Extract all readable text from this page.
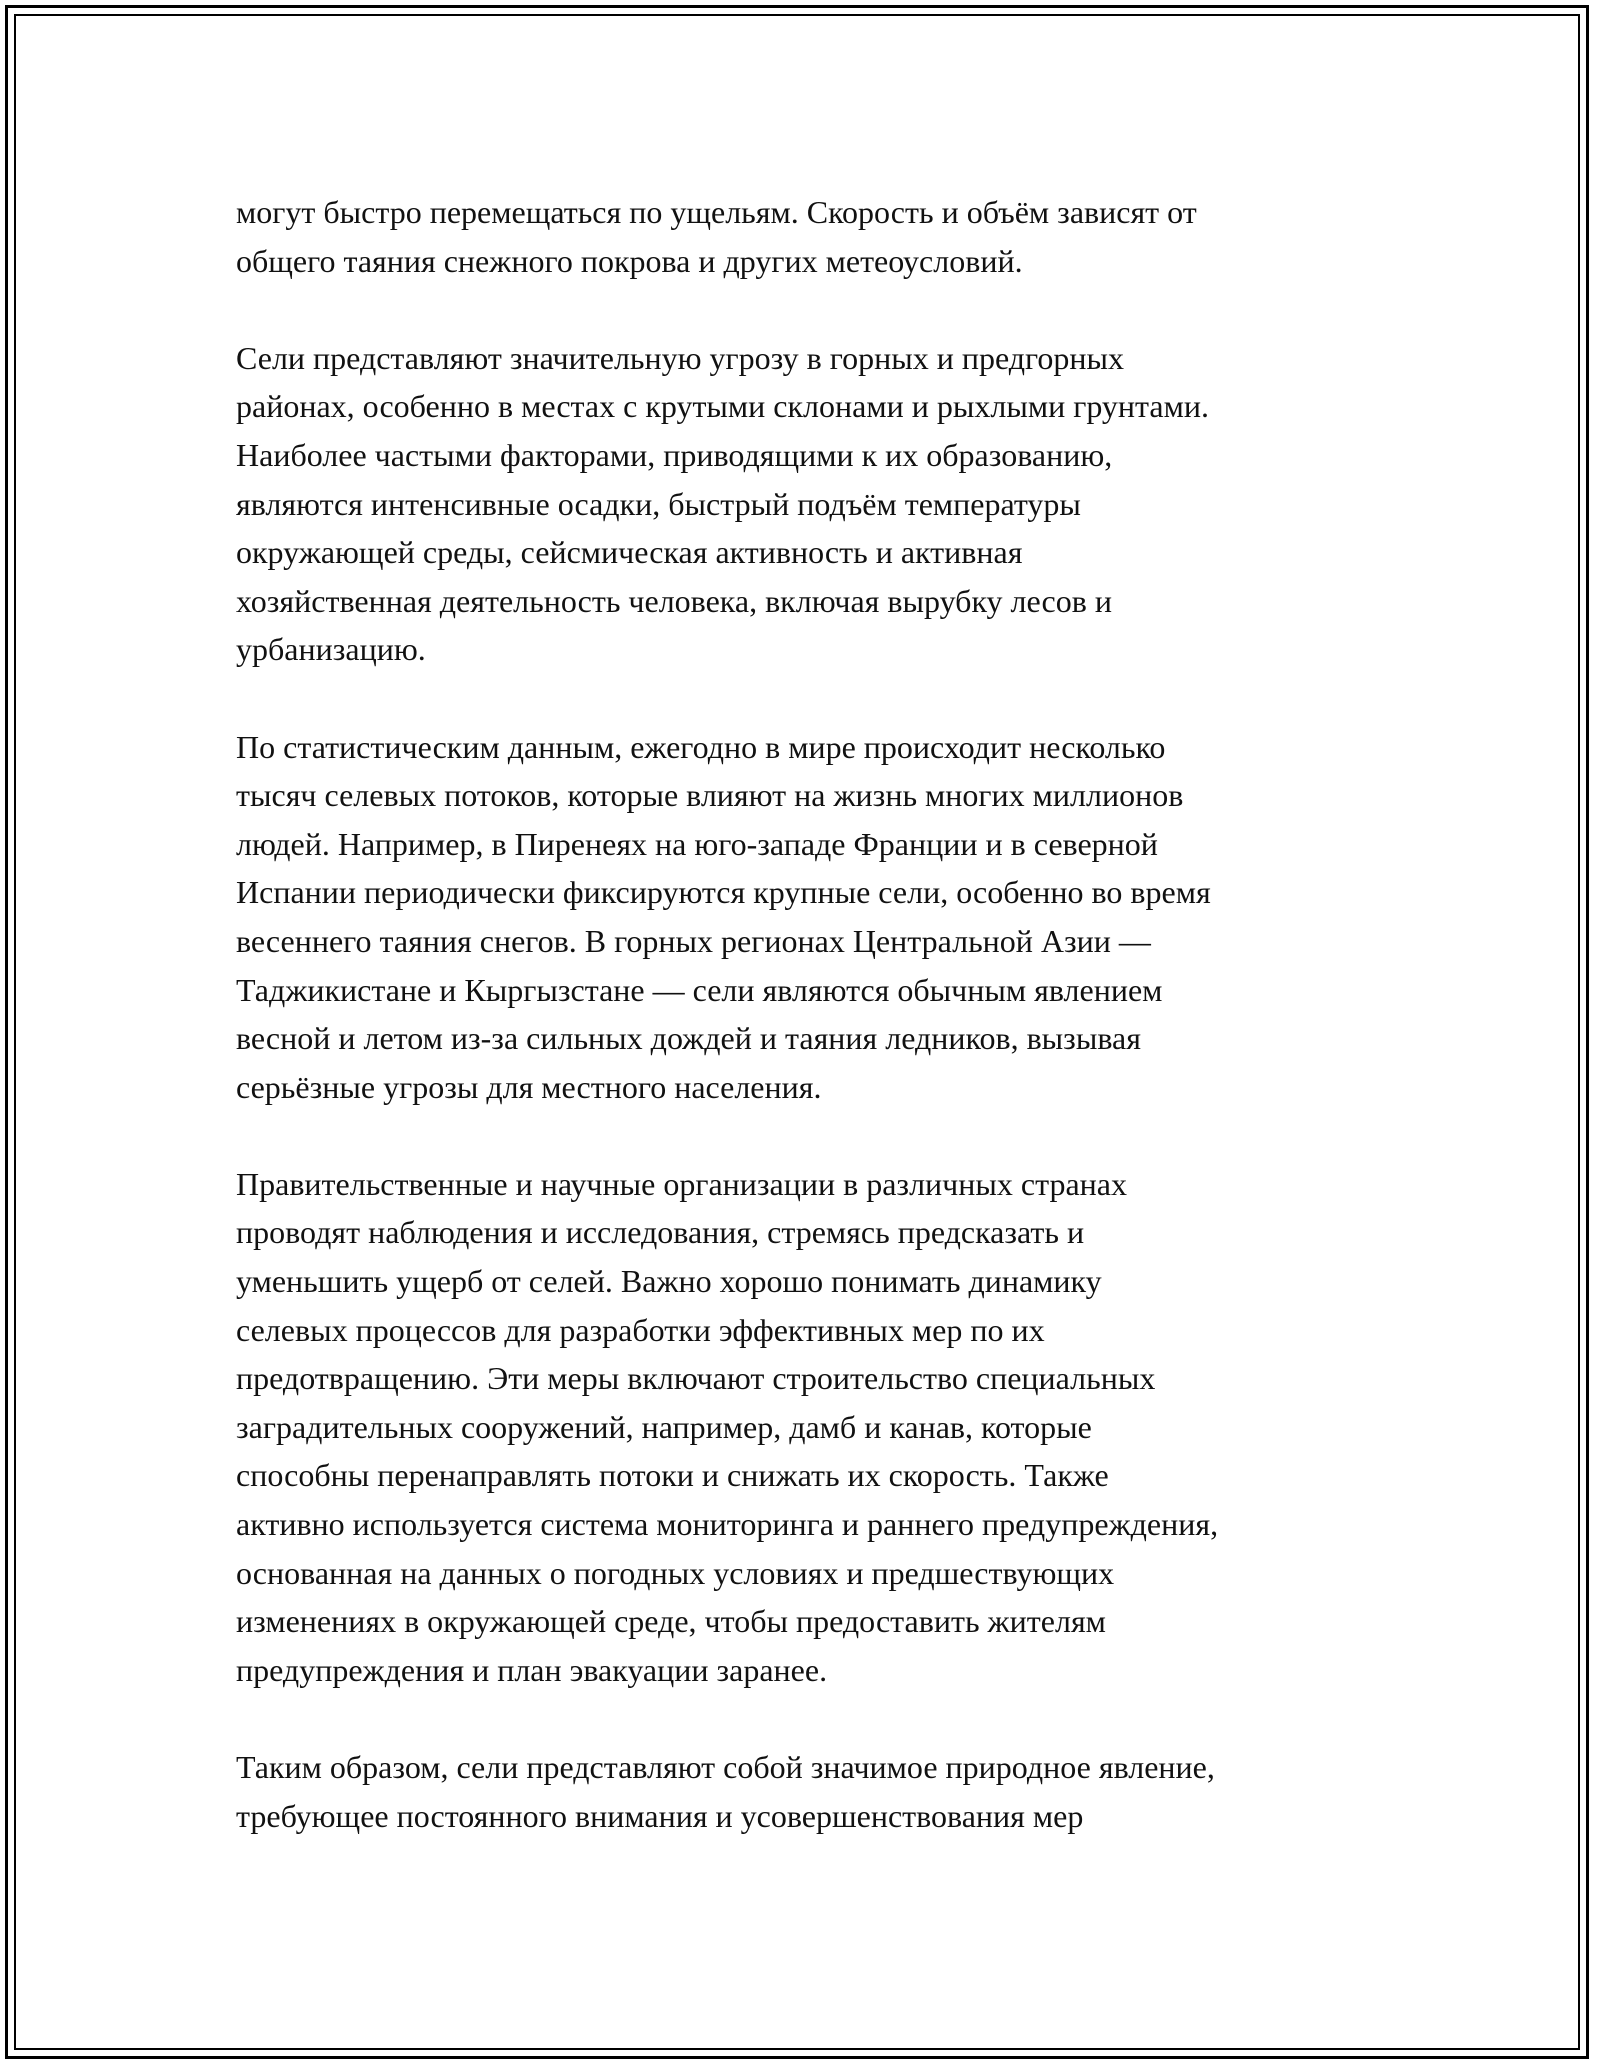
могут быстро перемещаться по ущельям. Скорость и объём зависят от
общего таяния снежного покрова и других метеоусловий.

Сели представляют значительную угрозу в горных и предгорных
районах, особенно в местах с крутыми склонами и рыхлыми грунтами.
Наиболее частыми факторами, приводящими к их образованию,
являются интенсивные осадки, быстрый подъём температуры
окружающей среды, сейсмическая активность и активная
хозяйственная деятельность человека, включая вырубку лесов и
урбанизацию.

По статистическим данным, ежегодно в мире происходит несколько
тысяч селевых потоков, которые влияют на жизнь многих миллионов
людей. Например, в Пиренеях на юго-западе Франции и в северной
Испании периодически фиксируются крупные сели, особенно во время
весеннего таяния снегов. В горных регионах Центральной Азии —
Таджикистане и Кыргызстане — сели являются обычным явлением
весной и летом из-за сильных дождей и таяния ледников, вызывая
серьёзные угрозы для местного населения.

Правительственные и научные организации в различных странах
проводят наблюдения и исследования, стремясь предсказать и
уменьшить ущерб от селей. Важно хорошо понимать динамику
селевых процессов для разработки эффективных мер по их
предотвращению. Эти меры включают строительство специальных
заградительных сооружений, например, дамб и канав, которые
способны перенаправлять потоки и снижать их скорость. Также
активно используется система мониторинга и раннего предупреждения,
основанная на данных о погодных условиях и предшествующих
изменениях в окружающей среде, чтобы предоставить жителям
предупреждения и план эвакуации заранее.

Таким образом, сели представляют собой значимое природное явление,
требующее постоянного внимания и усовершенствования мер
